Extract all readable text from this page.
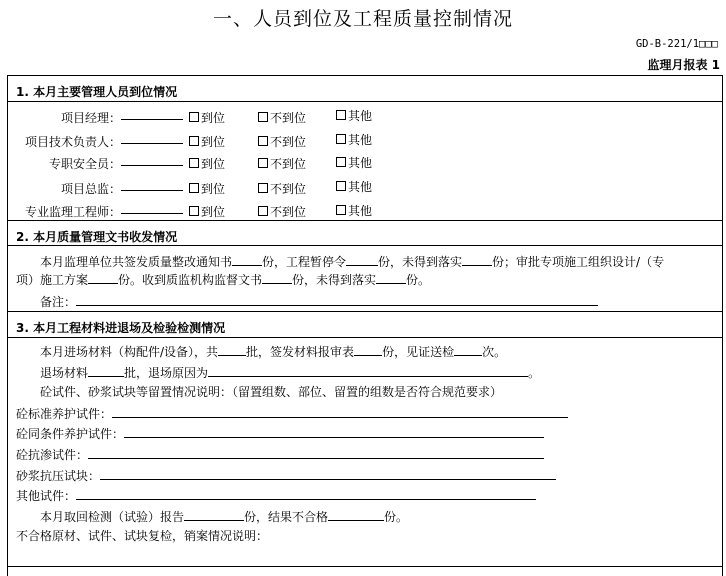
一、人员到位及工程质量控制情况
GD-B-221/1□□□
监理月报表 1
1. 本月主要管理人员到位情况
项目经理：	到位	不到位	其他
项目技术负责人：	到位	不到位	其他
专职安全员：	到位	不到位	其他
项目总监：	到位	不到位	其他
专业监理工程师：	到位	不到位	其他
2. 本月质量管理文书收发情况
本月监理单位共签发质量整改通知书	份，工程暂停令	份，未得到落实	份；审批专项施工组织设计/（专
项）施工方案	份。收到质监机构监督文书	份，未得到落实	份。
备注：
3. 本月工程材料进退场及检验检测情况
本月进场材料（构配件/设备），共 批，签发材料报审表 份，见证送检 次。
退场材料	批，退场原因为	。
砼试件、砂浆试块等留置情况说明：（留置组数、部位、留置的组数是否符合规范要求）
砼标准养护试件：
砼同条件养护试件：
砼抗渗试件：
砂浆抗压试块：
其他试件：
本月取回检测（试验）报告	份，结果不合格	份。
不合格原材、试件、试块复检，销案情况说明：
